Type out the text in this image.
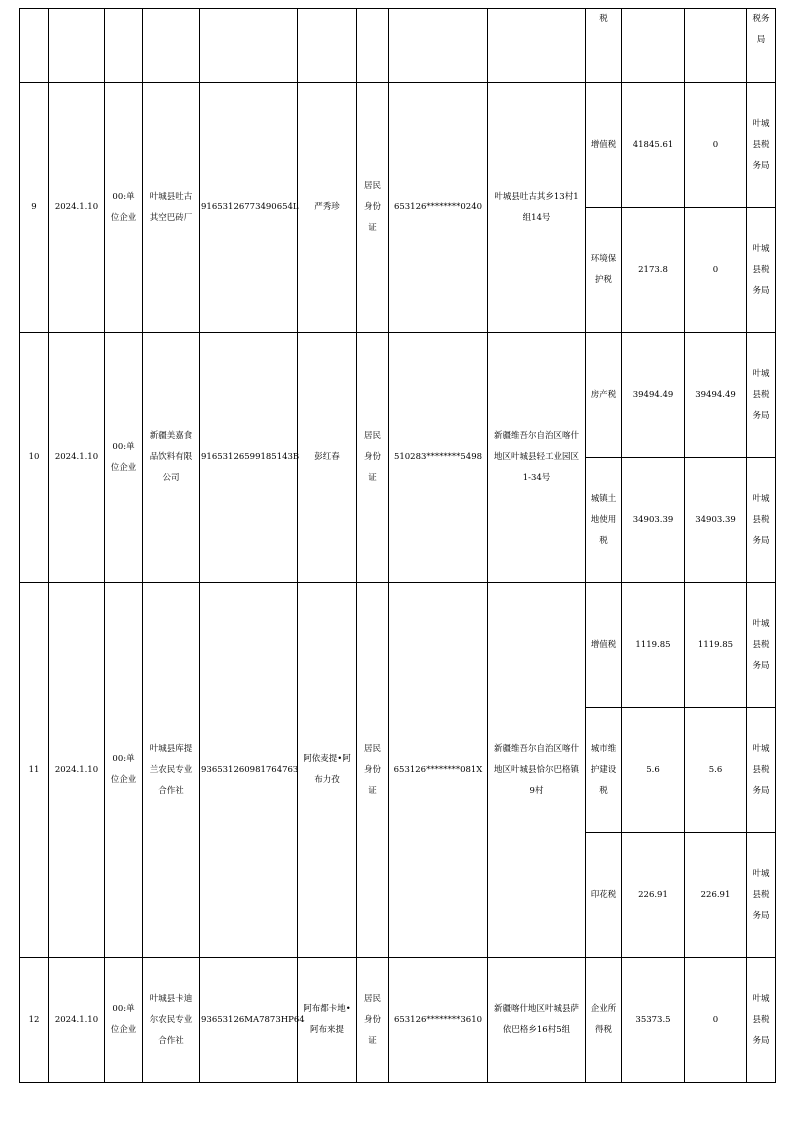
									税			税务局
9	2024.1.10	00:单位企业	叶城县吐古其空巴砖厂	91653126773490654L	严秀珍	居民身份证	653126********0240	叶城县吐古其乡13村1组14号	增值税	41845.61	0	叶城县税务局
									环境保护税	2173.8	0	叶城县税务局
10	2024.1.10	00:单位企业	新疆美嘉食品饮料有限公司	91653126599185143B	彭红春	居民身份证	510283********5498	新疆维吾尔自治区喀什地区叶城县轻工业园区1-34号	房产税	39494.49	39494.49	叶城县税务局
									城镇土地使用税	34903.39	34903.39	叶城县税务局
11	2024.1.10	00:单位企业	叶城县库提兰农民专业合作社	93653126098176476З	阿依麦提•阿布力孜	居民身份证	653126********081X	新疆维吾尔自治区喀什地区叶城县恰尔巴格镇9村	增值税	1119.85	1119.85	叶城县税务局
									城市维护建设税	5.6	5.6	叶城县税务局
									印花税	226.91	226.91	叶城县税务局
12	2024.1.10	00:单位企业	叶城县卡迪尔农民专业合作社	93653126MA7873HP64	阿布都卡地•阿布来提	居民身份证	653126********3610	新疆喀什地区叶城县萨依巴格乡16村5组	企业所得税	35373.5	0	叶城县税务局
